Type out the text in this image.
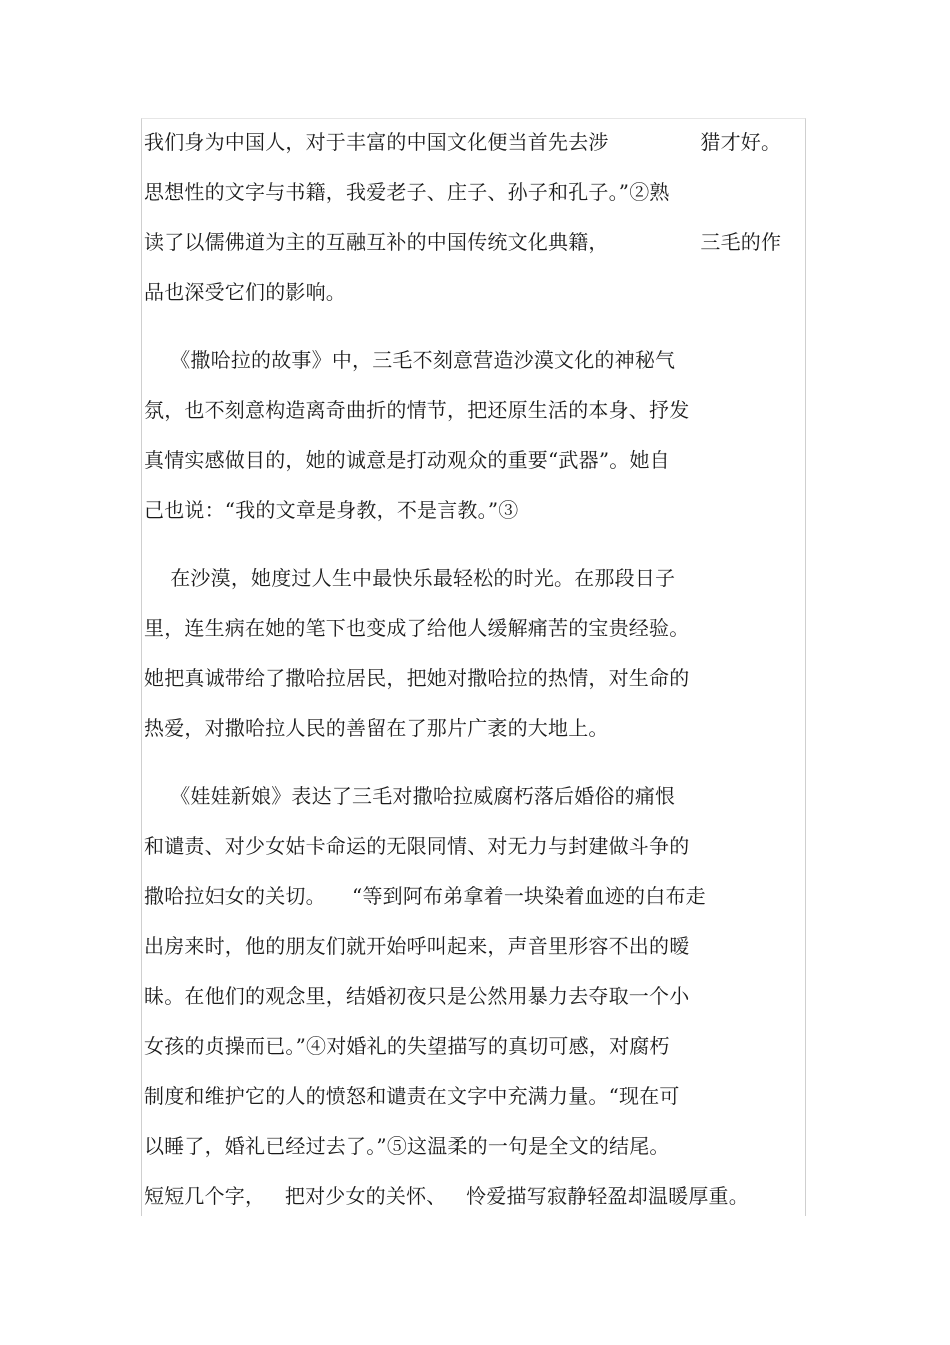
我们身为中国人，对于丰富的中国文化便当首先去涉              猎才好。
思想性的文字与书籍，我爱老子、庄子、孙子和孔子。”②熟
读了以儒佛道为主的互融互补的中国传统文化典籍，              三毛的作
品也深受它们的影响。
《撒哈拉的故事》中，三毛不刻意营造沙漠文化的神秘气
氛，也不刻意构造离奇曲折的情节，把还原生活的本身、抒发
真情实感做目的，她的诚意是打动观众的重要“武器”。她自
己也说：“我的文章是身教，不是言教。”③
在沙漠，她度过人生中最快乐最轻松的时光。在那段日子
里，连生病在她的笔下也变成了给他人缓解痛苦的宝贵经验。
她把真诚带给了撒哈拉居民，把她对撒哈拉的热情，对生命的
热爱，对撒哈拉人民的善留在了那片广袤的大地上。
《娃娃新娘》表达了三毛对撒哈拉威腐朽落后婚俗的痛恨
和谴责、对少女姑卡命运的无限同情、对无力与封建做斗争的
撒哈拉妇女的关切。    “等到阿布弟拿着一块染着血迹的白布走
出房来时，他的朋友们就开始呼叫起来，声音里形容不出的暧
昧。在他们的观念里，结婚初夜只是公然用暴力去夺取一个小
女孩的贞操而已。”④对婚礼的失望描写的真切可感，对腐朽
制度和维护它的人的愤怒和谴责在文字中充满力量。“现在可
以睡了，婚礼已经过去了。”⑤这温柔的一句是全文的结尾。
短短几个字，   把对少女的关怀、   怜爱描写寂静轻盈却温暖厚重。
